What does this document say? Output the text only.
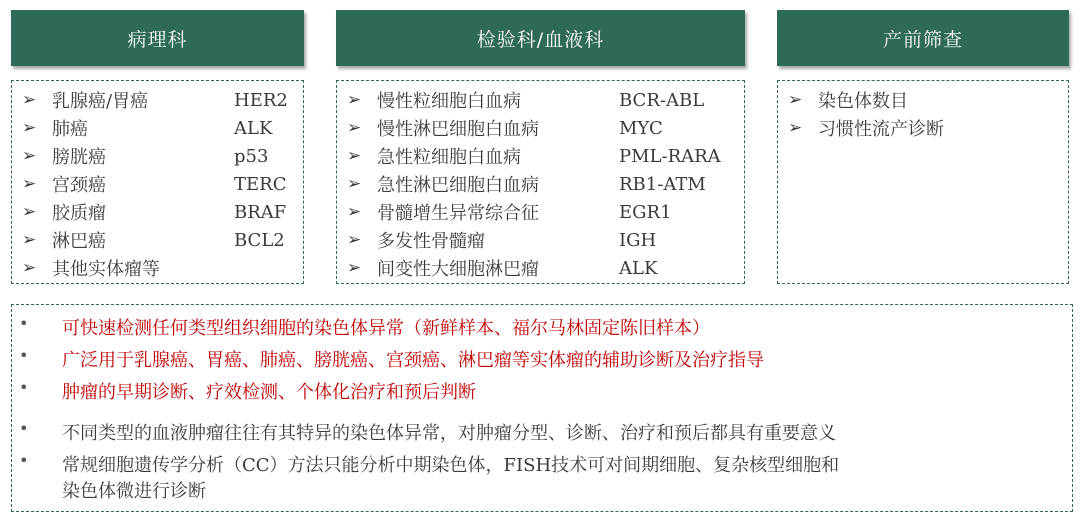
病理科
➢ 乳腺癌/胃癌	HER2
➢ 肺癌	ALK
➢ 膀胱癌	p53
➢ 宫颈癌	TERC
➢ 胶质瘤	BRAF
➢ 淋巴癌	BCL2
➢ 其他实体瘤等
检验科/血液科
➢ 慢性粒细胞白血病	BCR-ABL
➢ 慢性淋巴细胞白血病	MYC
➢ 急性粒细胞白血病	PML-RARA
➢ 急性淋巴细胞白血病	RB1-ATM
➢ 骨髓增生异常综合征	EGR1
➢ 多发性骨髓瘤	IGH
➢ 间变性大细胞淋巴瘤	ALK
产前筛查
➢ 染色体数目
➢ 习惯性流产诊断
• 可快速检测任何类型组织细胞的染色体异常（新鲜样本、福尔马林固定陈旧样本）
• 广泛用于乳腺癌、胃癌、肺癌、膀胱癌、宫颈癌、淋巴瘤等实体瘤的辅助诊断及治疗指导
• 肿瘤的早期诊断、疗效检测、个体化治疗和预后判断
• 不同类型的血液肿瘤往往有其特异的染色体异常，对肿瘤分型、诊断、治疗和预后都具有重要意义
• 常规细胞遗传学分析（CC）方法只能分析中期染色体，FISH技术可对间期细胞、复杂核型细胞和
染色体微进行诊断
